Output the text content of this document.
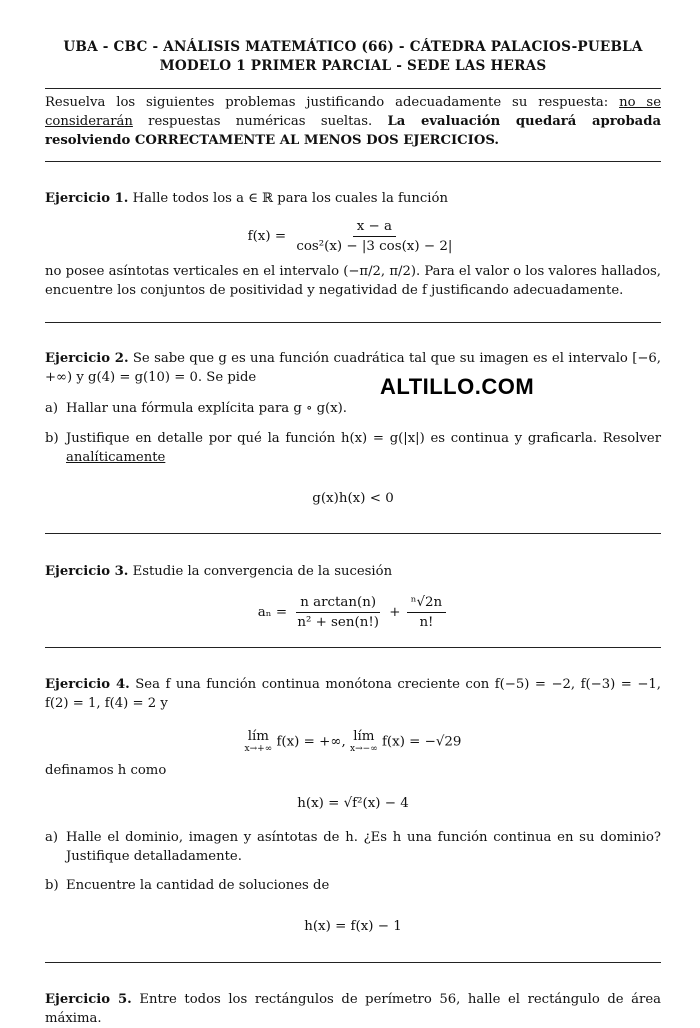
UBA - CBC - ANÁLISIS MATEMÁTICO (66) - CÁTEDRA PALACIOS-PUEBLA
MODELO 1 PRIMER PARCIAL - SEDE LAS HERAS
Resuelva los siguientes problemas justificando adecuadamente su respuesta: no se considerarán respuestas numéricas sueltas. La evaluación quedará aprobada resolviendo CORRECTAMENTE AL MENOS DOS EJERCICIOS.
Ejercicio 1. Halle todos los a ∈ ℝ para los cuales la función
$f(x) = \frac{x - a}{\text{cos²(x) − |3 cos(x) − 2|}}$
no posee asíntotas verticales en el intervalo (−π/2, π/2). Para el valor o los valores hallados, encuentre los conjuntos de positividad y negatividad de f justificando adecuadamente.
Ejercicio 2. Se sabe que g es una función cuadrática tal que su imagen es el intervalo [−6, +∞) y g(4) = g(10) = 0. Se pide
a) Hallar una fórmula explícita para g ∘ g(x).
b) Justifique en detalle por qué la función h(x) = g(|x|) es continua y graficarla. Resolver analíticamente
g(x)h(x) < 0
Ejercicio 3. Estudie la convergencia de la sucesión
$a_n = \frac{\text{n arctan(n)}}{\text{n² + sen(n!)}} + \frac{\text{ⁿ√2n}}{n!}$
Ejercicio 4. Sea f una función continua monótona creciente con f(−5) = −2, f(−3) = −1, f(2) = 1, f(4) = 2 y
lím
x→+∞ f(x) = +∞, lím
x→−∞ f(x) = −√29
definamos h como
h(x) = √f²(x) − 4
a) Halle el dominio, imagen y asíntotas de h. ¿Es h una función continua en su dominio? Justifique detalladamente.
b) Encuentre la cantidad de soluciones de
h(x) = f(x) − 1
Ejercicio 5. Entre todos los rectángulos de perímetro 56, halle el rectángulo de área máxima.
ALTILLO.COM
